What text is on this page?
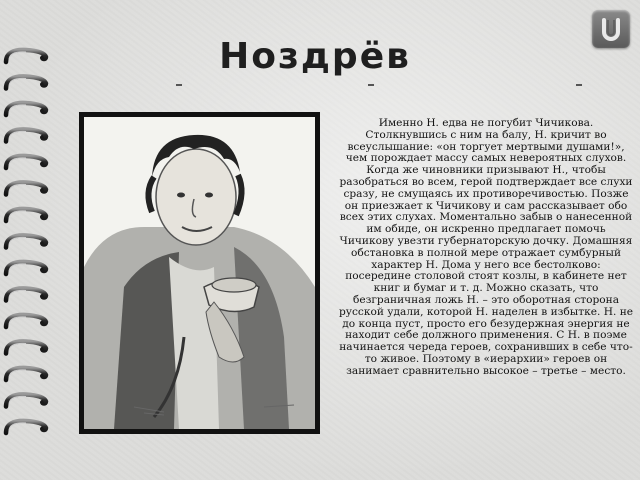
Ноздрёв

Именно Н. едва не погубит Чичикова. Столкнувшись с ним на балу, Н. кричит во всеуслышание: «он торгует мертвыми душами!», чем порождает массу самых невероятных слухов. Когда же чиновники призывают Н., чтобы разобраться во всем, герой подтверждает все слухи сразу, не смущаясь их противоречивостью. Позже он приезжает к Чичикову и сам рассказывает обо всех этих слухах. Моментально забыв о нанесенной им обиде, он искренно предлагает помочь Чичикову увезти губернаторскую дочку. Домашняя обстановка в полной мере отражает сумбурный характер Н. Дома у него все бестолково: посередине столовой стоят козлы, в кабинете нет книг и бумаг и т. д. Можно сказать, что безграничная ложь Н. – это оборотная сторона русской удали, которой Н. наделен в избытке. Н. не до конца пуст, просто его безудержная энергия не находит себе должного применения. С Н. в поэме начинается череда героев, сохранивших в себе что-то живое. Поэтому в «иерархии» героев он занимает сравнительно высокое – третье – место.
